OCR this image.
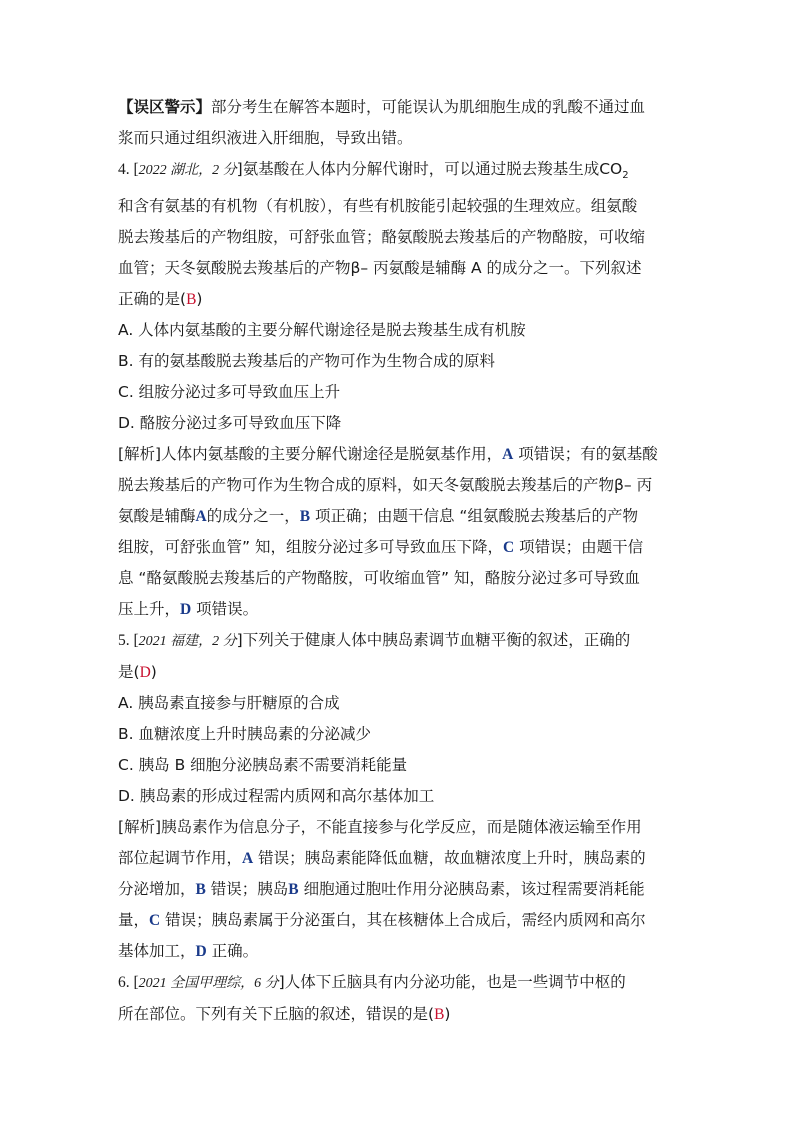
【误区警示】部分考生在解答本题时，可能误认为肌细胞生成的乳酸不通过血

浆而只通过组织液进入肝细胞，导致出错。

4. [2022 湖北，2 分]氨基酸在人体内分解代谢时，可以通过脱去羧基生成$CO_2$

和含有氨基的有机物（有机胺），有些有机胺能引起较强的生理效应。组氨酸

脱去羧基后的产物组胺，可舒张血管；酪氨酸脱去羧基后的产物酪胺，可收缩

血管；天冬氨酸脱去羧基后的产物β– 丙氨酸是辅酶 A 的成分之一。下列叙述

正确的是(B)

A. 人体内氨基酸的主要分解代谢途径是脱去羧基生成有机胺

B. 有的氨基酸脱去羧基后的产物可作为生物合成的原料

C. 组胺分泌过多可导致血压上升

D. 酪胺分泌过多可导致血压下降

[解析]人体内氨基酸的主要分解代谢途径是脱氨基作用，A 项错误；有的氨基酸

脱去羧基后的产物可作为生物合成的原料，如天冬氨酸脱去羧基后的产物β– 丙

氨酸是辅酶A的成分之一，B 项正确；由题干信息 “组氨酸脱去羧基后的产物

组胺，可舒张血管” 知，组胺分泌过多可导致血压下降，C 项错误；由题干信

息 “酪氨酸脱去羧基后的产物酪胺，可收缩血管” 知，酪胺分泌过多可导致血

压上升，D 项错误。

5. [2021 福建，2 分]下列关于健康人体中胰岛素调节血糖平衡的叙述，正确的

是(D)

A. 胰岛素直接参与肝糖原的合成

B. 血糖浓度上升时胰岛素的分泌减少

C. 胰岛 B 细胞分泌胰岛素不需要消耗能量

D. 胰岛素的形成过程需内质网和高尔基体加工

[解析]胰岛素作为信息分子，不能直接参与化学反应，而是随体液运输至作用

部位起调节作用，A 错误；胰岛素能降低血糖，故血糖浓度上升时，胰岛素的

分泌增加，B 错误；胰岛B 细胞通过胞吐作用分泌胰岛素，该过程需要消耗能

量，C 错误；胰岛素属于分泌蛋白，其在核糖体上合成后，需经内质网和高尔

基体加工，D 正确。

6. [2021 全国甲理综，6 分]人体下丘脑具有内分泌功能，也是一些调节中枢的

所在部位。下列有关下丘脑的叙述，错误的是(B)
